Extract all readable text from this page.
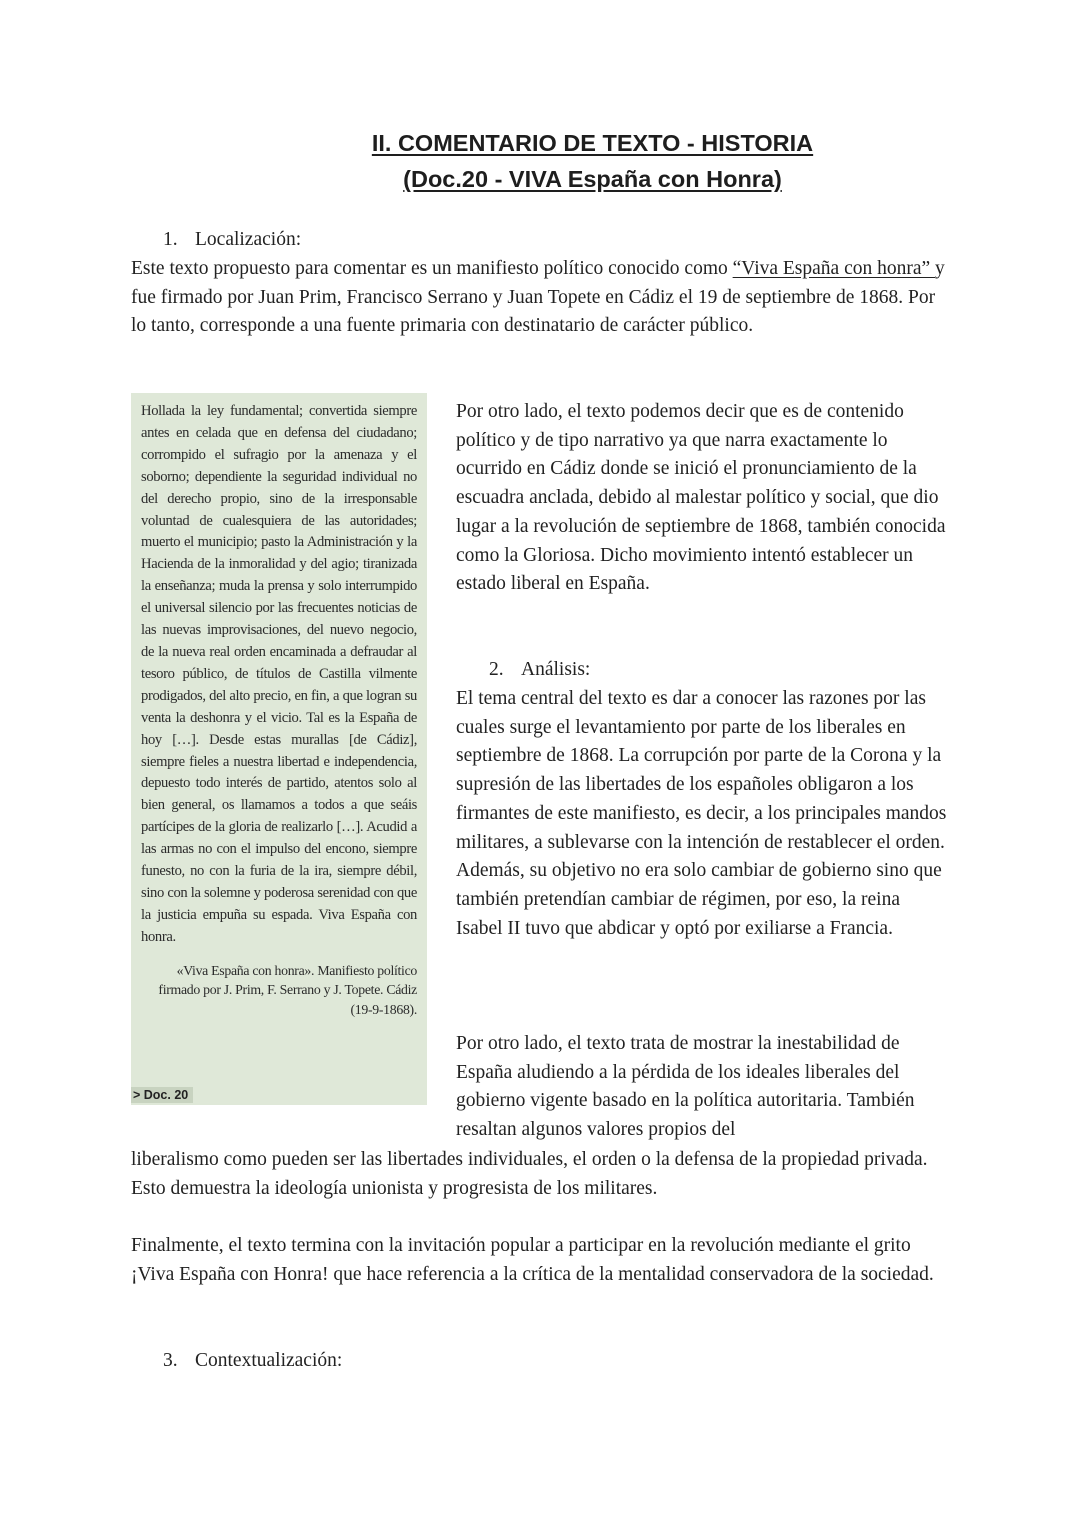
II. COMENTARIO DE TEXTO - HISTORIA
(Doc.20 - VIVA España con Honra)
1. Localización:

Este texto propuesto para comentar es un manifiesto político conocido como “Viva España con honra” y fue firmado por Juan Prim, Francisco Serrano y Juan Topete en Cádiz el 19 de septiembre de 1868. Por lo tanto, corresponde a una fuente primaria con destinatario de carácter público.

Hollada la ley fundamental; convertida siempre antes en celada que en defensa del ciudadano; corrompido el sufragio por la amenaza y el soborno; dependiente la seguridad individual no del derecho propio, sino de la irresponsable voluntad de cualesquiera de las autoridades; muerto el municipio; pasto la Administración y la Hacienda de la inmoralidad y del agio; tiranizada la enseñanza; muda la prensa y solo interrumpido el universal silencio por las frecuentes noticias de las nuevas improvisaciones, del nuevo negocio, de la nueva real orden encaminada a defraudar al tesoro público, de títulos de Castilla vilmente prodigados, del alto precio, en fin, a que logran su venta la deshonra y el vicio. Tal es la España de hoy […]. Desde estas murallas [de Cádiz], siempre fieles a nuestra libertad e independencia, depuesto todo interés de partido, atentos solo al bien general, os llamamos a todos a que seáis partícipes de la gloria de realizarlo […]. Acudid a las armas no con el impulso del encono, siempre funesto, no con la furia de la ira, siempre débil, sino con la solemne y poderosa serenidad con que la justicia empuña su espada. Viva España con honra.

«Viva España con honra». Manifiesto político firmado por J. Prim, F. Serrano y J. Topete. Cádiz (19-9-1868).

> Doc. 20

Por otro lado, el texto podemos decir que es de contenido político y de tipo narrativo ya que narra exactamente lo ocurrido en Cádiz donde se inició el pronunciamiento de la escuadra anclada, debido al malestar político y social, que dio lugar a la revolución de septiembre de 1868, también conocida como la Gloriosa. Dicho movimiento intentó establecer un estado liberal en España.

2. Análisis:

El tema central del texto es dar a conocer las razones por las cuales surge el levantamiento por parte de los liberales en septiembre de 1868. La corrupción por parte de la Corona y la supresión de las libertades de los españoles obligaron a los firmantes de este manifiesto, es decir, a los principales mandos militares, a sublevarse con la intención de restablecer el orden. Además, su objetivo no era solo cambiar de gobierno sino que también pretendían cambiar de régimen, por eso, la reina Isabel II tuvo que abdicar y optó por exiliarse a Francia.

Por otro lado, el texto trata de mostrar la inestabilidad de España aludiendo a la pérdida de los ideales liberales del gobierno vigente basado en la política autoritaria. También resaltan algunos valores propios del

liberalismo como pueden ser las libertades individuales, el orden o la defensa de la propiedad privada. Esto demuestra la ideología unionista y progresista de los militares.

Finalmente, el texto termina con la invitación popular a participar en la revolución mediante el grito ¡Viva España con Honra! que hace referencia a la crítica de la mentalidad conservadora de la sociedad.

3. Contextualización:
